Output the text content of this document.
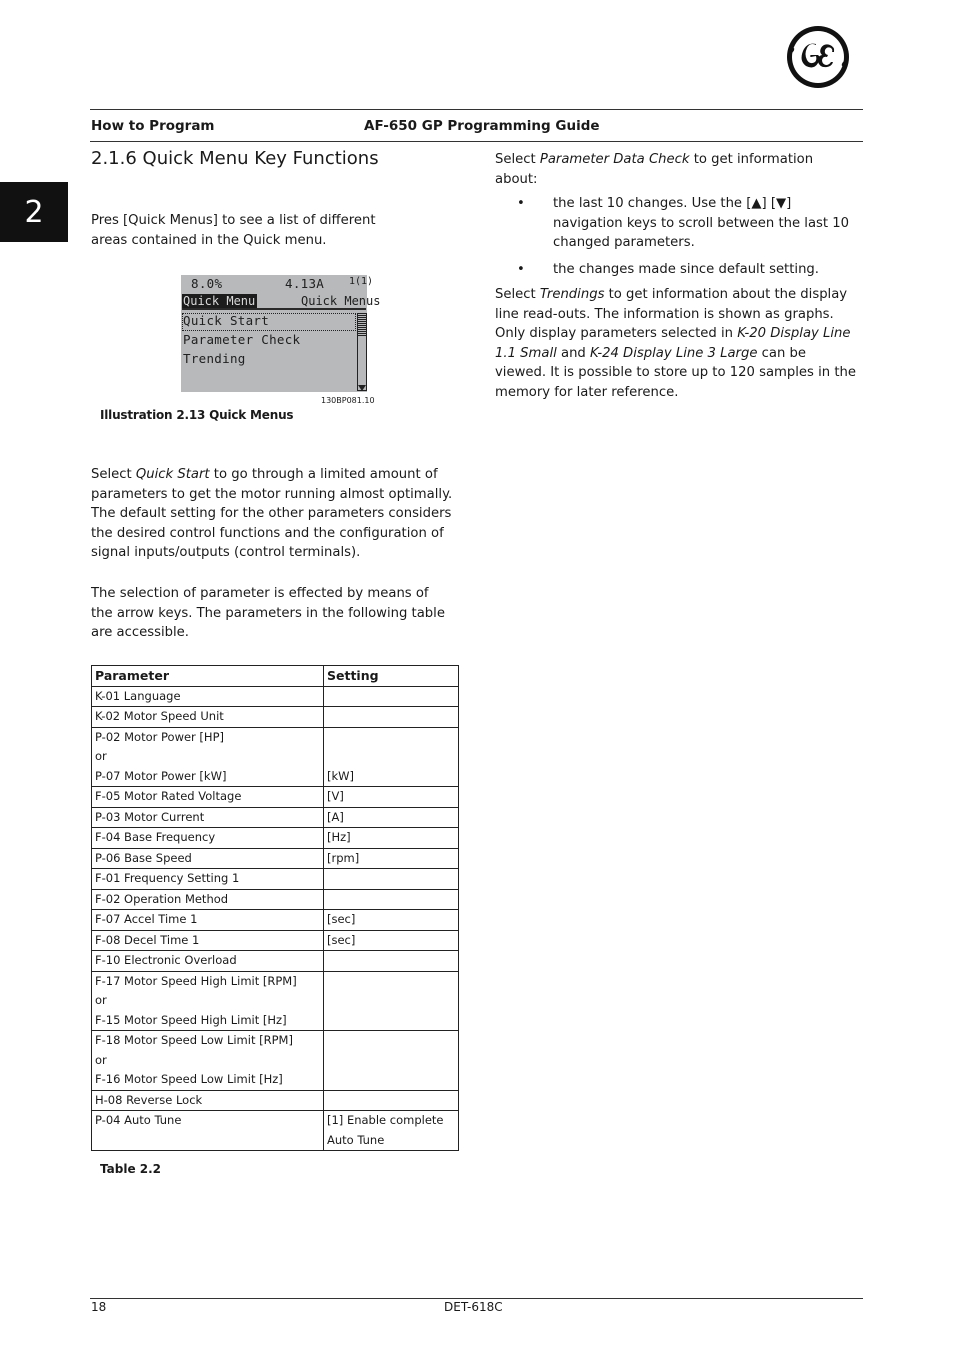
How to Program	AF-650 GP Programming Guide
2
2.1.6 Quick Menu Key Functions
Pres [Quick Menus] to see a list of different areas contained in the Quick menu.
8.0%	4.13A 1(1)
Quick Menu	Quick Menus
Quick Start
Parameter Check
Trending
130BP081.10
Illustration 2.13 Quick Menus
Select Quick Start to go through a limited amount of parameters to get the motor running almost optimally. The default setting for the other parameters considers the desired control functions and the configuration of signal inputs/outputs (control terminals).
The selection of parameter is effected by means of the arrow keys. The parameters in the following table are accessible.
Parameter	Setting

K-01 Language	

K-02 Motor Speed Unit	

P-02 Motor Power [HP]
or
P-07 Motor Power [kW]	[kW]

F-05 Motor Rated Voltage	[V]

P-03 Motor Current	[A]

F-04 Base Frequency	[Hz]

P-06 Base Speed	[rpm]

F-01 Frequency Setting 1	

F-02 Operation Method	

F-07 Accel Time 1	[sec]

F-08 Decel Time 1	[sec]

F-10 Electronic Overload	

F-17 Motor Speed High Limit [RPM]
or
F-15 Motor Speed High Limit [Hz]	

F-18 Motor Speed Low Limit [RPM]
or
F-16 Motor Speed Low Limit [Hz]	

H-08 Reverse Lock	

P-04 Auto Tune	[1] Enable complete
Auto Tune
Table 2.2
Select Parameter Data Check to get information about:
• the last 10 changes. Use the [▲] [▼] navigation keys to scroll between the last 10 changed parameters.
• the changes made since default setting.
Select Trendings to get information about the display line read-outs. The information is shown as graphs.
Only display parameters selected in K-20 Display Line 1.1 Small and K-24 Display Line 3 Large can be viewed. It is possible to store up to 120 samples in the memory for later reference.
18	DET-618C
